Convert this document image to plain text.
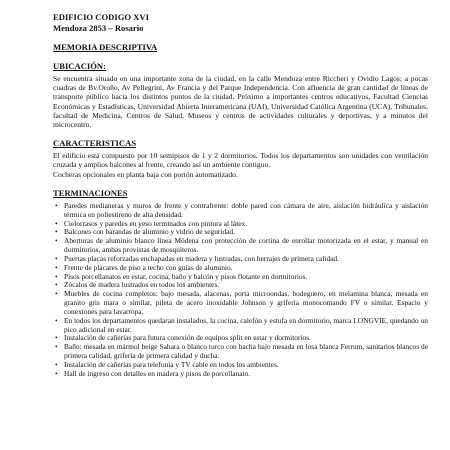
EDIFICIO CODIGO XVI
Mendoza 2853 – Rosario
MEMORIA DESCRIPTIVA
UBICACIÓN:

Se encuentra situado en una importante zona de la ciudad, en la calle Mendoza entre Riccheri y Ovidio Lagos; a pocas cuadras de Bv.Oroño, Av Pellegrini, Av Francia y del Parque Independencia. Con afluencia de gran cantidad de líneas de transporte público hacia los distintos puntos de la ciudad. Próximo a importantes centros educativos, Facultad Ciencias Económicas y Estadísticas, Universidad Abierta Interamericana (UAI), Universidad Católica Argentina (UCA), Tribunales, facultad de Medicina, Centros de Salud, Museos y centros de actividades culturales y deportivas, y a minutos del microcentro.

CARACTERISTICAS

El edificio está compuesto por 10 semipisos de 1 y 2 dormitorios. Todos los departamentos son unidades con ventilación cruzada y amplios balcones al frente, creando así un ambiente contiguo.

Cocheras opcionales en planta baja con portón automatizado.

TERMINACIONES
• Paredes medianeras y muros de frente y contrafrente: doble pared con cámara de aire, aislación hidráulica y aislación térmica en poliestireno de alta densidad.
• Cielorrasos y paredes en yeso terminados con pintura al látex.
• Balcones con barandas de aluminio y vidrio de seguridad.
• Aberturas de aluminio blanco línea Módena con protección de cortina de enrollar motorizada en el estar, y manual en dormitorios, ambas provistas de mosquiteros.
• Puertas placas reforzadas enchapadas en madera y lustradas, con herrajes de primera calidad.
• Frente de placares de piso a techo con guías de aluminio.
• Pisos porcellanatos en estar, cocina, baño y balcón y pisos flotante en dormitorios.
• Zócalos de madera lustrados en todos los ambientes.
• Muebles de cocina completos: bajo mesada, alacenas, porta microondas, bodeguero, en melamina blanca, mesada en granito gris mara o similar, pileta de acero inoxidable Johnson y grifería monocomando FV o similar. Espacio y conexiones para lavarropa.
• En todos los departamentos quedaran instalados, la cocina, calefón y estufa en dormitorio, marca LONGVIE, quedando un pico adicional en estar.
• Instalación de cañerías para futura conexión de equipos split en estar y dormitorios.
• Baño: mesada en mármol beige Sahara o blanco turco con bacha bajo mesada en losa blanca Ferrum, sanitarios blancos de primera calidad, grifería de primera calidad y ducha.
• Instalación de cañerías para telefonía y TV cable en todos los ambientes.
• Hall de ingreso con detalles en madera y pisos de porcellanato.
